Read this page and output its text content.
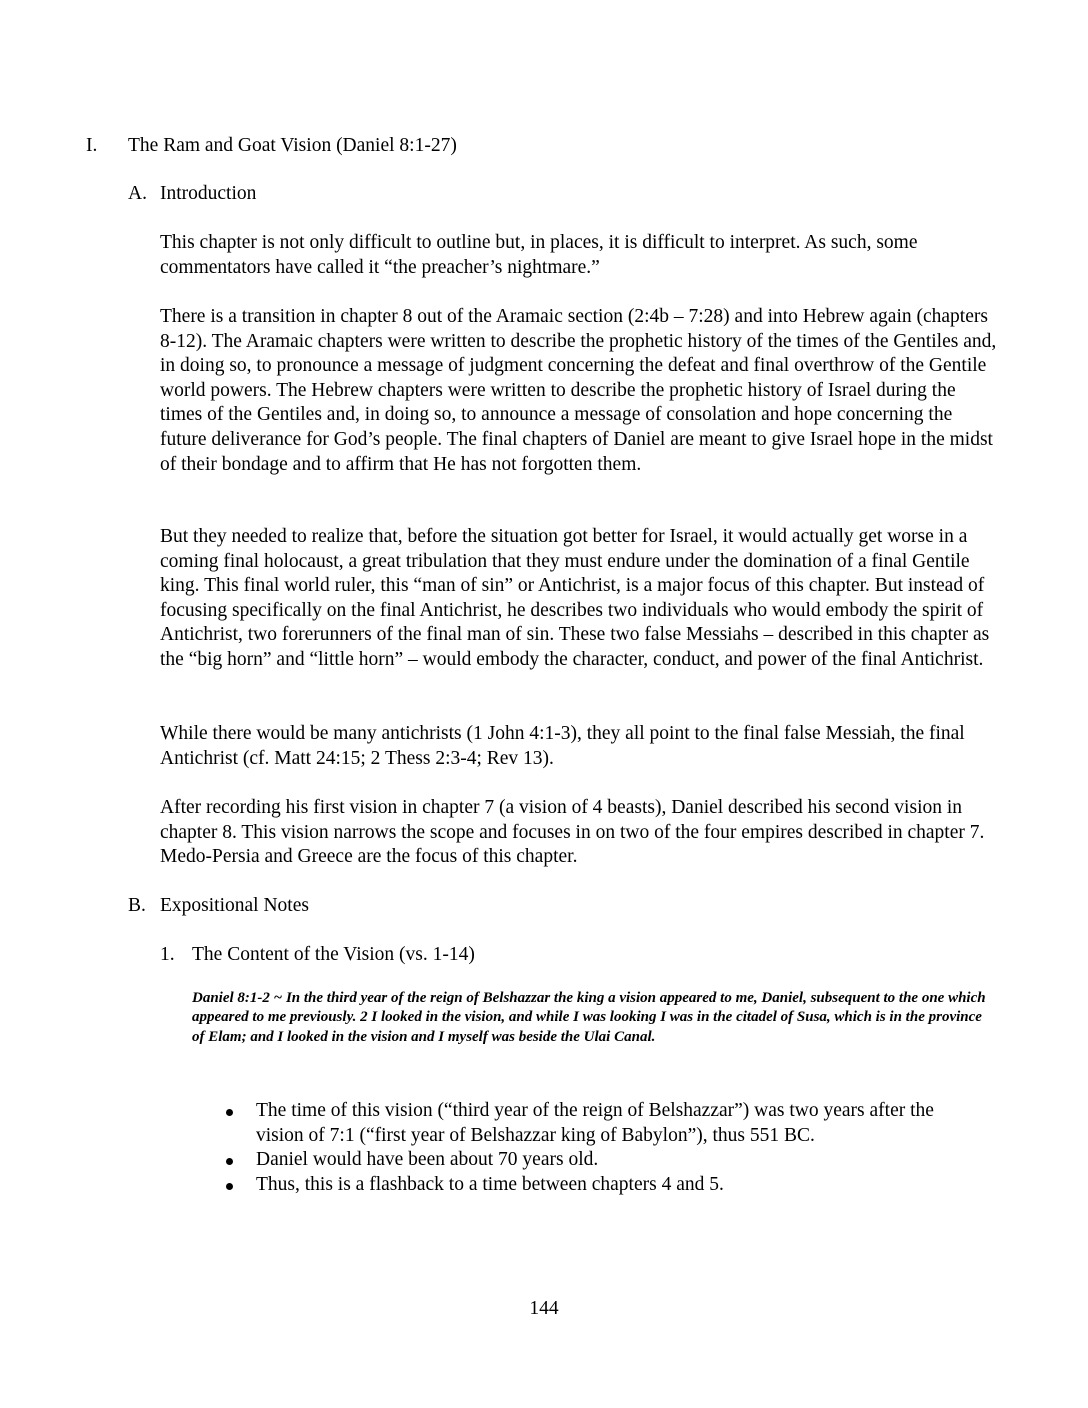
I. The Ram and Goat Vision (Daniel 8:1-27)
A. Introduction
This chapter is not only difficult to outline but, in places, it is difficult to interpret. As such, some commentators have called it “the preacher’s nightmare.”
There is a transition in chapter 8 out of the Aramaic section (2:4b – 7:28) and into Hebrew again (chapters 8-12). The Aramaic chapters were written to describe the prophetic history of the times of the Gentiles and, in doing so, to pronounce a message of judgment concerning the defeat and final overthrow of the Gentile world powers. The Hebrew chapters were written to describe the prophetic history of Israel during the times of the Gentiles and, in doing so, to announce a message of consolation and hope concerning the future deliverance for God’s people. The final chapters of Daniel are meant to give Israel hope in the midst of their bondage and to affirm that He has not forgotten them.
But they needed to realize that, before the situation got better for Israel, it would actually get worse in a coming final holocaust, a great tribulation that they must endure under the domination of a final Gentile king. This final world ruler, this “man of sin” or Antichrist, is a major focus of this chapter. But instead of focusing specifically on the final Antichrist, he describes two individuals who would embody the spirit of Antichrist, two forerunners of the final man of sin. These two false Messiahs – described in this chapter as the “big horn” and “little horn” – would embody the character, conduct, and power of the final Antichrist.
While there would be many antichrists (1 John 4:1-3), they all point to the final false Messiah, the final Antichrist (cf. Matt 24:15; 2 Thess 2:3-4; Rev 13).
After recording his first vision in chapter 7 (a vision of 4 beasts), Daniel described his second vision in chapter 8. This vision narrows the scope and focuses in on two of the four empires described in chapter 7. Medo-Persia and Greece are the focus of this chapter.
B. Expositional Notes
1. The Content of the Vision (vs. 1-14)
Daniel 8:1-2 ~ In the third year of the reign of Belshazzar the king a vision appeared to me, Daniel, subsequent to the one which appeared to me previously. 2 I looked in the vision, and while I was looking I was in the citadel of Susa, which is in the province of Elam; and I looked in the vision and I myself was beside the Ulai Canal.
The time of this vision (“third year of the reign of Belshazzar”) was two years after the vision of 7:1 (“first year of Belshazzar king of Babylon”), thus 551 BC.
Daniel would have been about 70 years old.
Thus, this is a flashback to a time between chapters 4 and 5.
144
